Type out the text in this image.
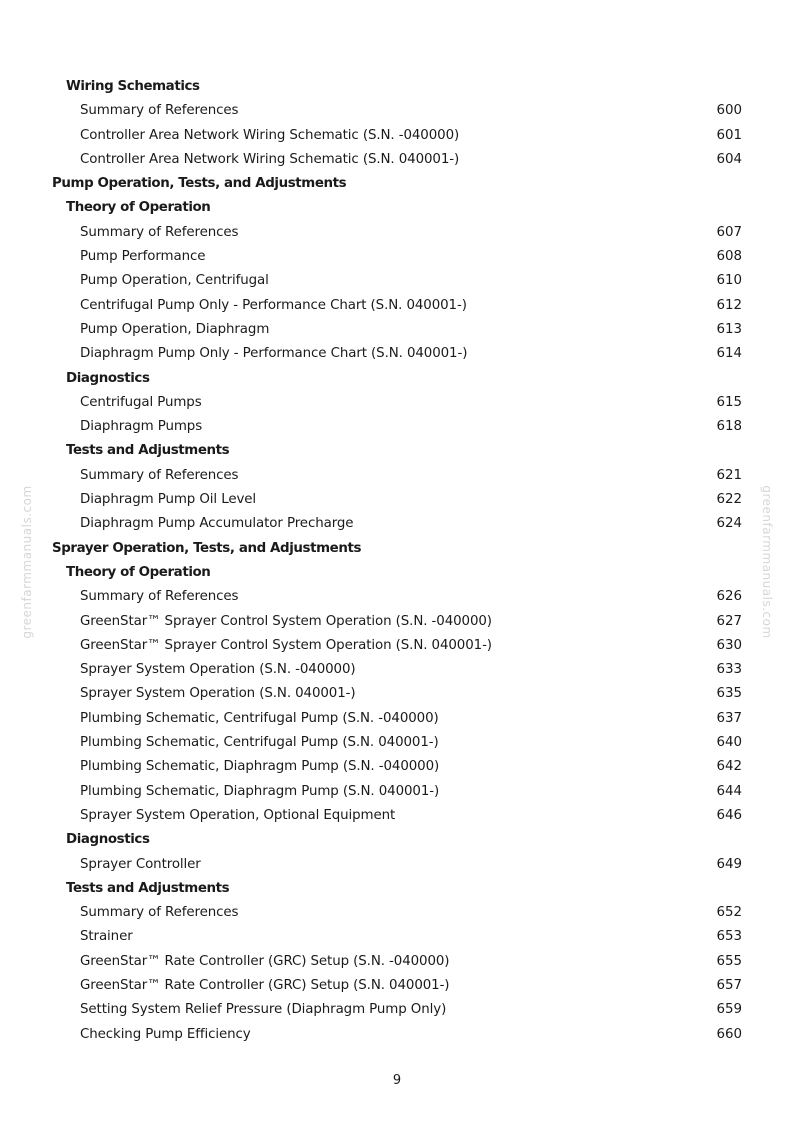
greenfarmmanuals.com	greenfarmmanuals.com
Wiring Schematics
Summary of References	600
Controller Area Network Wiring Schematic (S.N. -040000)	601
Controller Area Network Wiring Schematic (S.N. 040001-)	604
Pump Operation, Tests, and Adjustments
Theory of Operation
Summary of References	607
Pump Performance	608
Pump Operation, Centrifugal	610
Centrifugal Pump Only - Performance Chart (S.N. 040001-)	612
Pump Operation, Diaphragm	613
Diaphragm Pump Only - Performance Chart (S.N. 040001-)	614
Diagnostics
Centrifugal Pumps	615
Diaphragm Pumps	618
Tests and Adjustments
Summary of References	621
Diaphragm Pump Oil Level	622
Diaphragm Pump Accumulator Precharge	624
Sprayer Operation, Tests, and Adjustments
Theory of Operation
Summary of References	626
GreenStar™ Sprayer Control System Operation (S.N. -040000)	627
GreenStar™ Sprayer Control System Operation (S.N. 040001-)	630
Sprayer System Operation (S.N. -040000)	633
Sprayer System Operation (S.N. 040001-)	635
Plumbing Schematic, Centrifugal Pump (S.N. -040000)	637
Plumbing Schematic, Centrifugal Pump (S.N. 040001-)	640
Plumbing Schematic, Diaphragm Pump (S.N. -040000)	642
Plumbing Schematic, Diaphragm Pump (S.N. 040001-)	644
Sprayer System Operation, Optional Equipment	646
Diagnostics
Sprayer Controller	649
Tests and Adjustments
Summary of References	652
Strainer	653
GreenStar™ Rate Controller (GRC) Setup (S.N. -040000)	655
GreenStar™ Rate Controller (GRC) Setup (S.N. 040001-)	657
Setting System Relief Pressure (Diaphragm Pump Only)	659
Checking Pump Efficiency	660
9
